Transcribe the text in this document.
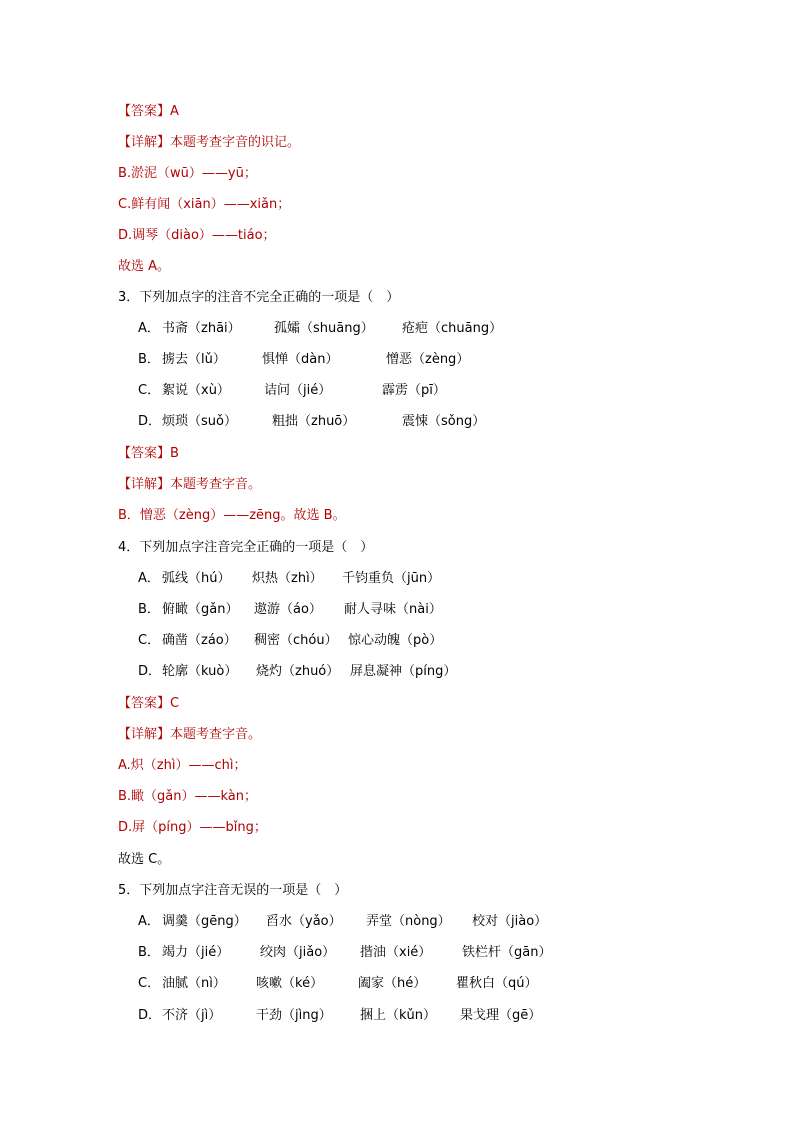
【答案】A
【详解】本题考查字音的识记。
B.淤泥（wū）——yū；
C.鲜有闻（xiān）——xiǎn；
D.调琴（diào）——tiáo；
故选 A。
3．下列加点字的注音不完全正确的一项是（　）
A． 书斋（zhāi）	孤孀（shuāng） 疮疤（chuāng）
B． 掳去（lǔ）	惧惮（dàn）	憎恶（zèng）
C． 絮说（xù）	诘问（jié）	霹雳（pī）
D． 烦琐（suǒ）	粗拙（zhuō）	震悚（sǒng）
【答案】B
【详解】本题考查字音。
B．憎恶（zèng）——zēng。故选 B。
4．下列加点字注音完全正确的一项是（　）
A． 弧线（hú） 炽热（zhì） 千钧重负（jūn）
B． 俯瞰（gǎn） 遨游（áo） 耐人寻味（nài）
C． 确凿（záo） 稠密（chóu） 惊心动魄（pò）
D． 轮廓（kuò） 烧灼（zhuó） 屏息凝神（píng）
【答案】C
【详解】本题考查字音。
A.炽（zhì）——chì；
B.瞰（gǎn）——kàn；
D.屏（píng）——bǐng；
故选 C。
5．下列加点字注音无误的一项是（　）
A． 调羹（gēng） 舀水（yǎo） 弄堂（nòng） 校对（jiào）
B． 竭力（jié） 绞肉（jiǎo） 揩油（xié） 铁栏杆（gān）
C． 油腻（nì） 咳嗽（ké）	阖家（hé） 瞿秋白（qú）
D． 不济（jì）	干劲（jìng） 捆上（kǔn） 果戈理（gē）
